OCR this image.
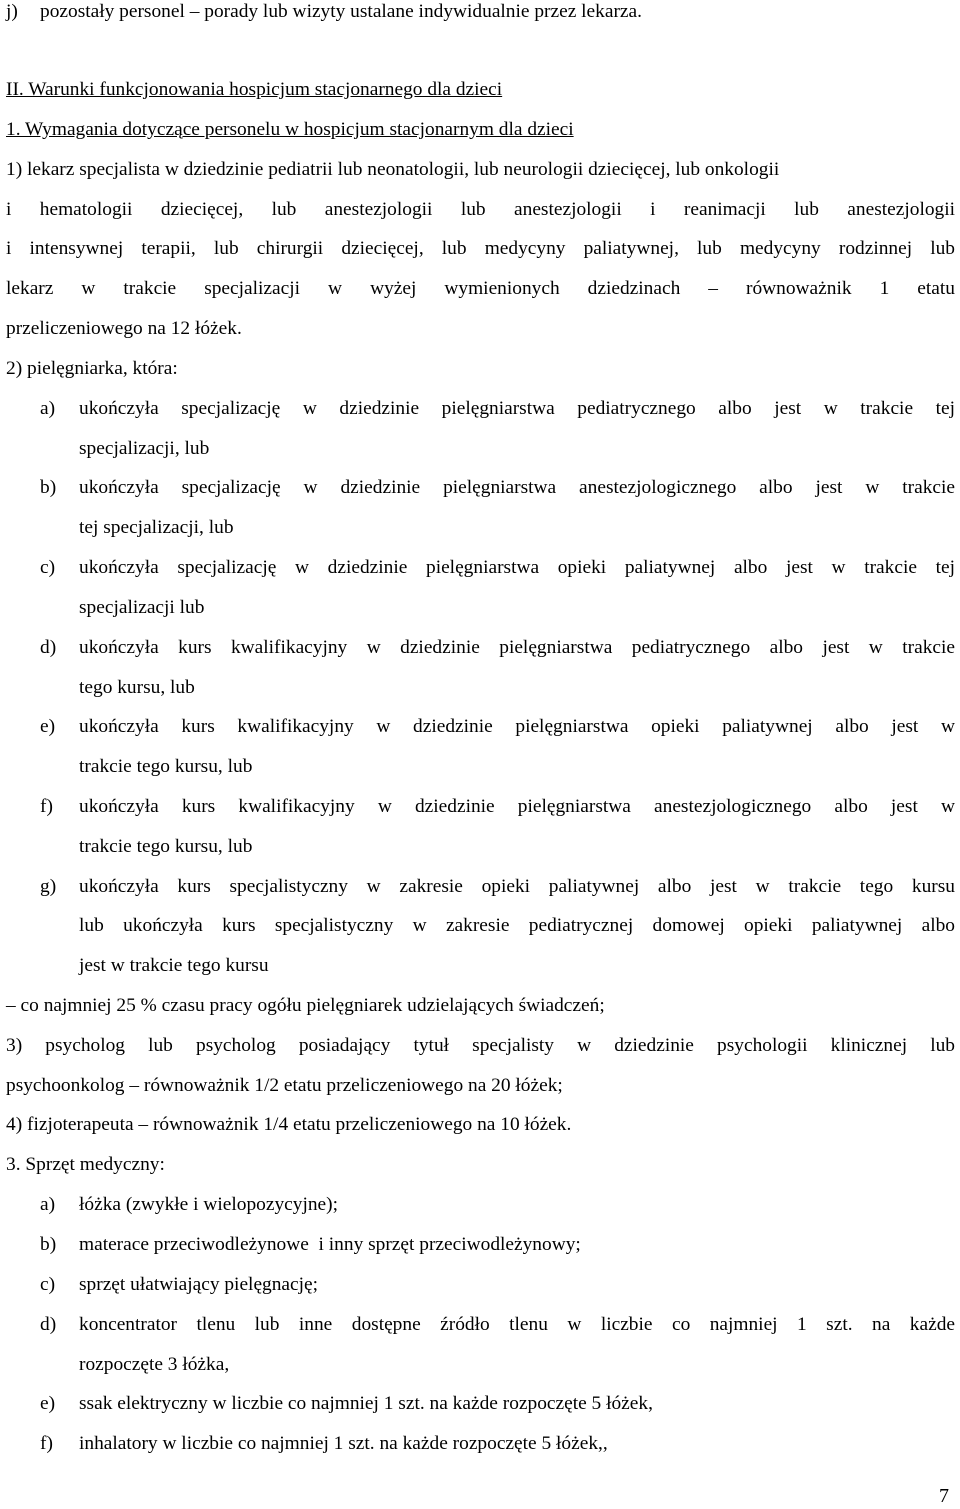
j) pozostały personel – porady lub wizyty ustalane indywidualnie przez lekarza.
II. Warunki funkcjonowania hospicjum stacjonarnego dla dzieci
1. Wymagania dotyczące personelu w hospicjum stacjonarnym dla dzieci
1) lekarz specjalista w dziedzinie pediatrii lub neonatologii, lub neurologii dziecięcej, lub onkologii
i hematologii dziecięcej, lub anestezjologii lub anestezjologii i reanimacji lub anestezjologii
i intensywnej terapii, lub chirurgii dziecięcej, lub medycyny paliatywnej, lub medycyny rodzinnej lub
lekarz w trakcie specjalizacji w wyżej wymienionych dziedzinach – równoważnik 1 etatu
przeliczeniowego na 12 łóżek.
2) pielęgniarka, która:
a) ukończyła specjalizację w dziedzinie pielęgniarstwa pediatrycznego albo jest w trakcie tej
specjalizacji, lub
b) ukończyła specjalizację w dziedzinie pielęgniarstwa anestezjologicznego albo jest w trakcie
tej specjalizacji, lub
c) ukończyła specjalizację w dziedzinie pielęgniarstwa opieki paliatywnej albo jest w trakcie tej
specjalizacji lub
d) ukończyła kurs kwalifikacyjny w dziedzinie pielęgniarstwa pediatrycznego albo jest w trakcie
tego kursu, lub
e) ukończyła kurs kwalifikacyjny w dziedzinie pielęgniarstwa opieki paliatywnej albo jest w
trakcie tego kursu, lub
f) ukończyła kurs kwalifikacyjny w dziedzinie pielęgniarstwa anestezjologicznego albo jest w
trakcie tego kursu, lub
g) ukończyła kurs specjalistyczny w zakresie opieki paliatywnej albo jest w trakcie tego kursu
lub ukończyła kurs specjalistyczny w zakresie pediatrycznej domowej opieki paliatywnej albo
jest w trakcie tego kursu
– co najmniej 25 % czasu pracy ogółu pielęgniarek udzielających świadczeń;
3) psycholog lub psycholog posiadający tytuł specjalisty w dziedzinie psychologii klinicznej lub
psychoonkolog – równoważnik 1/2 etatu przeliczeniowego na 20 łóżek;
4) fizjoterapeuta – równoważnik 1/4 etatu przeliczeniowego na 10 łóżek.
3. Sprzęt medyczny:
a) łóżka (zwykłe i wielopozycyjne);
b) materace przeciwodleżynowe  i inny sprzęt przeciwodleżynowy;
c) sprzęt ułatwiający pielęgnację;
d) koncentrator tlenu lub inne dostępne źródło tlenu w liczbie co najmniej 1 szt. na każde
rozpoczęte 3 łóżka,
e) ssak elektryczny w liczbie co najmniej 1 szt. na każde rozpoczęte 5 łóżek,
f) inhalatory w liczbie co najmniej 1 szt. na każde rozpoczęte 5 łóżek,,
7
